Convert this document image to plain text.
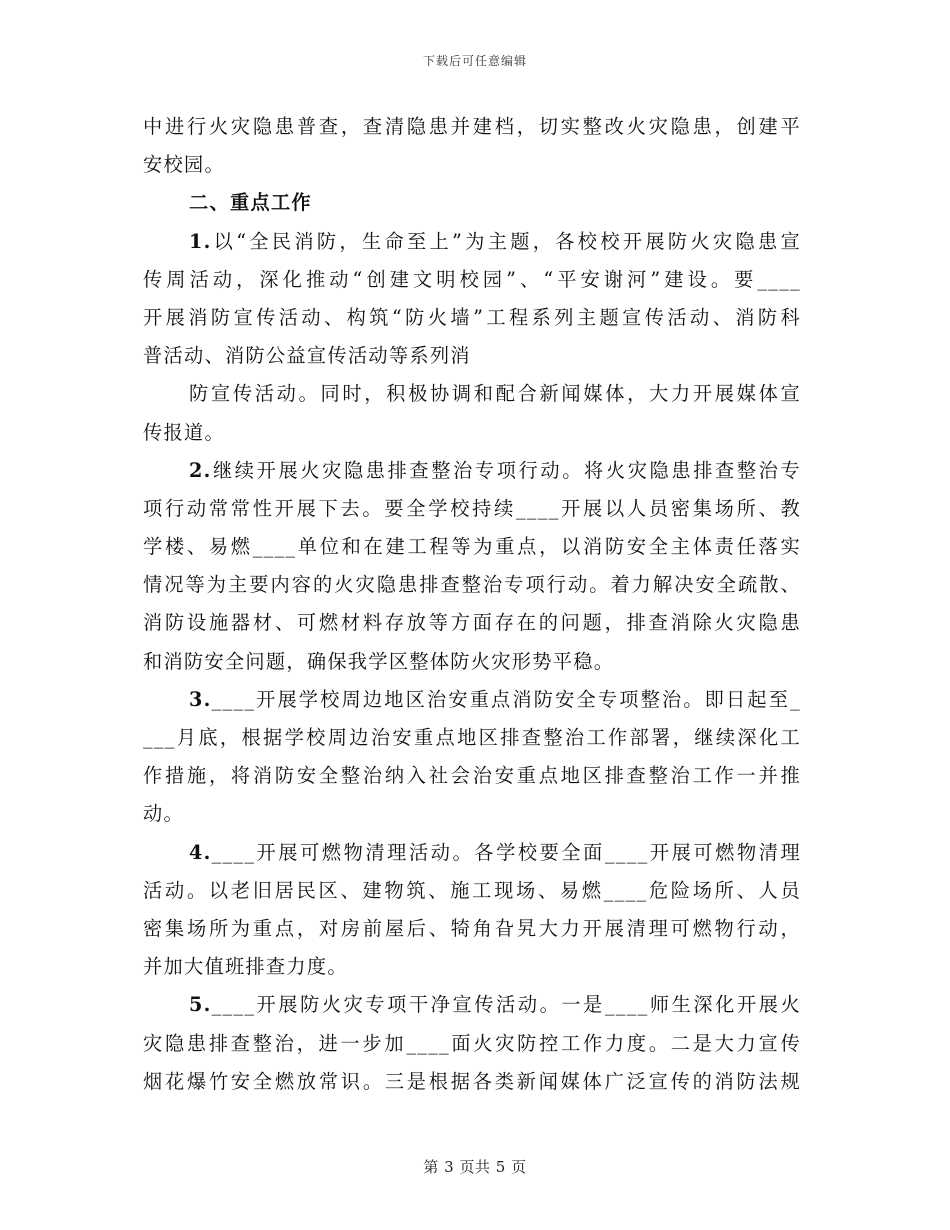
下载后可任意编辑
中进行火灾隐患普查，查清隐患并建档，切实整改火灾隐患，创建平
安校园。
二、重点工作
1.以“全民消防，生命至上”为主题，各校校开展防火灾隐患宣
传周活动，深化推动“创建文明校园”、“平安谢河”建设。要____
开展消防宣传活动、构筑“防火墙”工程系列主题宣传活动、消防科
普活动、消防公益宣传活动等系列消
防宣传活动。同时，积极协调和配合新闻媒体，大力开展媒体宣
传报道。
2.继续开展火灾隐患排查整治专项行动。将火灾隐患排查整治专
项行动常常性开展下去。要全学校持续____开展以人员密集场所、教
学楼、易燃____单位和在建工程等为重点，以消防安全主体责任落实
情况等为主要内容的火灾隐患排查整治专项行动。着力解决安全疏散、
消防设施器材、可燃材料存放等方面存在的问题，排查消除火灾隐患
和消防安全问题，确保我学区整体防火灾形势平稳。
3.____开展学校周边地区治安重点消防安全专项整治。即日起至_
___月底，根据学校周边治安重点地区排查整治工作部署，继续深化工
作措施，将消防安全整治纳入社会治安重点地区排查整治工作一并推
动。
4.____开展可燃物清理活动。各学校要全面____开展可燃物清理
活动。以老旧居民区、建物筑、施工现场、易燃____危险场所、人员
密集场所为重点，对房前屋后、犄角旮旯大力开展清理可燃物行动，
并加大值班排查力度。
5.____开展防火灾专项干净宣传活动。一是____师生深化开展火
灾隐患排查整治，进一步加____面火灾防控工作力度。二是大力宣传
烟花爆竹安全燃放常识。三是根据各类新闻媒体广泛宣传的消防法规
第 3 页共 5 页
